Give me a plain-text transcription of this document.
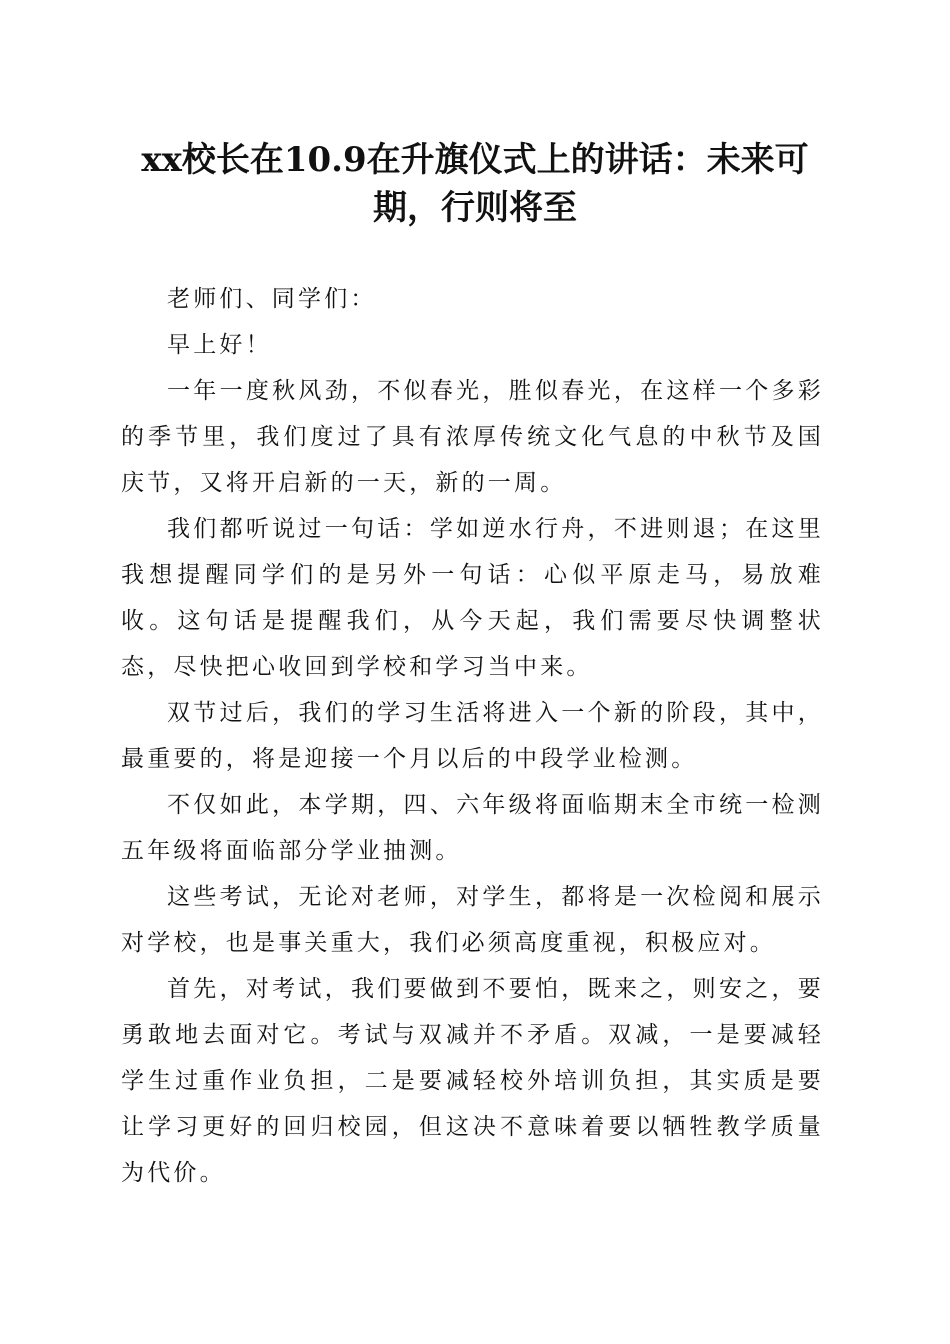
xx校长在10.9在升旗仪式上的讲话：未来可期，行则将至

老师们、同学们：

早上好！

一年一度秋风劲，不似春光，胜似春光，在这样一个多彩的季节里，我们度过了具有浓厚传统文化气息的中秋节及国庆节，又将开启新的一天，新的一周。

我们都听说过一句话：学如逆水行舟，不进则退；在这里我想提醒同学们的是另外一句话：心似平原走马，易放难收。这句话是提醒我们，从今天起，我们需要尽快调整状态，尽快把心收回到学校和学习当中来。

双节过后，我们的学习生活将进入一个新的阶段，其中，最重要的，将是迎接一个月以后的中段学业检测。

不仅如此，本学期，四、六年级将面临期末全市统一检测五年级将面临部分学业抽测。

这些考试，无论对老师，对学生，都将是一次检阅和展示对学校，也是事关重大，我们必须高度重视，积极应对。

首先，对考试，我们要做到不要怕，既来之，则安之，要勇敢地去面对它。考试与双减并不矛盾。双减，一是要减轻学生过重作业负担，二是要减轻校外培训负担，其实质是要让学习更好的回归校园，但这决不意味着要以牺牲教学质量为代价。
